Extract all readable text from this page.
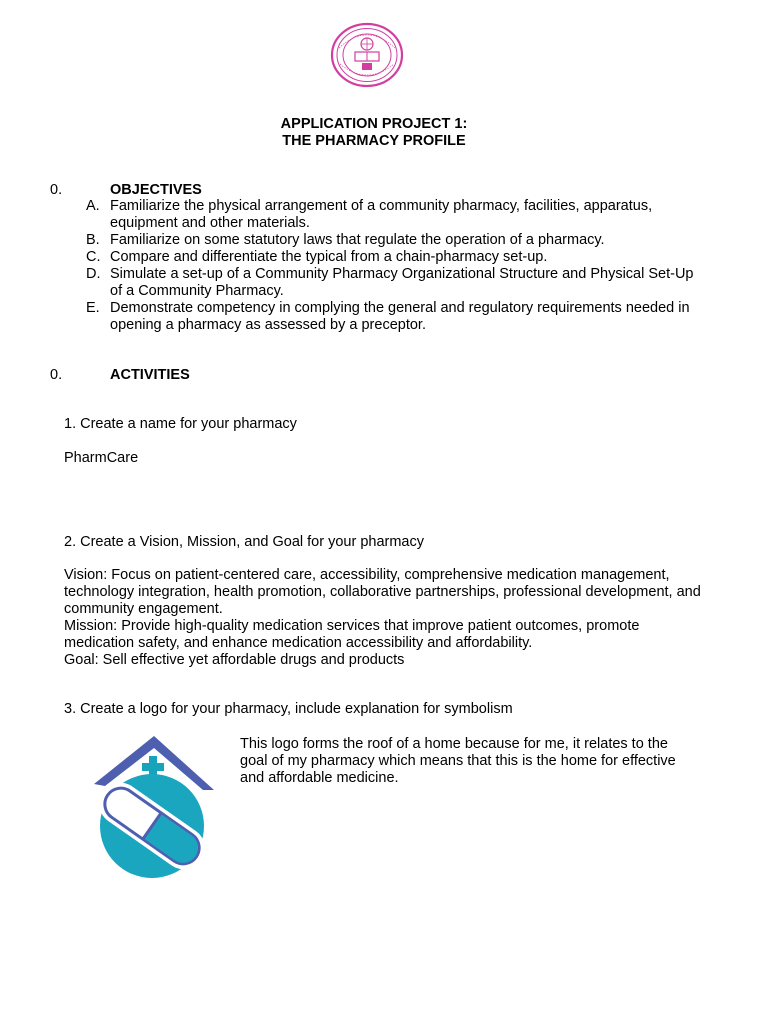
APPLICATION PROJECT 1:
THE PHARMACY PROFILE
0.	OBJECTIVES
A. Familiarize the physical arrangement of a community pharmacy, facilities, apparatus, equipment and other materials.
B. Familiarize on some statutory laws that regulate the operation of a pharmacy.
C. Compare and differentiate the typical from a chain-pharmacy set-up.
D. Simulate a set-up of a Community Pharmacy Organizational Structure and Physical Set-Up of a Community Pharmacy.
E. Demonstrate competency in complying the general and regulatory requirements needed in opening a pharmacy as assessed by a preceptor.
0.	ACTIVITIES
1. Create a name for your pharmacy
PharmCare
2. Create a Vision, Mission, and Goal for your pharmacy
Vision: Focus on patient-centered care, accessibility, comprehensive medication management, technology integration, health promotion, collaborative partnerships, professional development, and community engagement.
Mission: Provide high-quality medication services that improve patient outcomes, promote medication safety, and enhance medication accessibility and affordability.
Goal: Sell effective yet affordable drugs and products
3. Create a logo for your pharmacy, include explanation for symbolism
This logo forms the roof of a home because for me, it relates to the goal of my pharmacy which means that this is the home for effective and affordable medicine.
